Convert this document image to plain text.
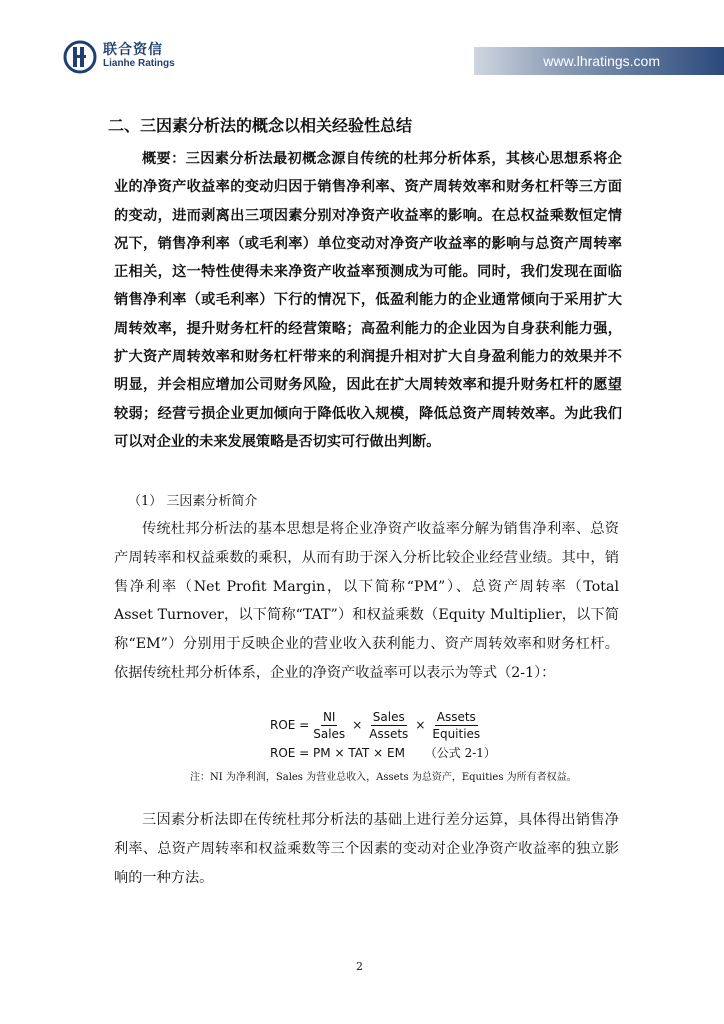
联合资信
Lianhe Ratings	www.lhratings.com
二、三因素分析法的概念以相关经验性总结

概要：三因素分析法最初概念源自传统的杜邦分析体系，其核心思想系将企业的净资产收益率的变动归因于销售净利率、资产周转效率和财务杠杆等三方面的变动，进而剥离出三项因素分别对净资产收益率的影响。在总权益乘数恒定情况下，销售净利率（或毛利率）单位变动对净资产收益率的影响与总资产周转率正相关，这一特性使得未来净资产收益率预测成为可能。同时，我们发现在面临销售净利率（或毛利率）下行的情况下，低盈利能力的企业通常倾向于采用扩大周转效率，提升财务杠杆的经营策略；高盈利能力的企业因为自身获利能力强，扩大资产周转效率和财务杠杆带来的利润提升相对扩大自身盈利能力的效果并不明显，并会相应增加公司财务风险，因此在扩大周转效率和提升财务杠杆的愿望较弱；经营亏损企业更加倾向于降低收入规模，降低总资产周转效率。为此我们可以对企业的未来发展策略是否切实可行做出判断。

（1） 三因素分析简介

传统杜邦分析法的基本思想是将企业净资产收益率分解为销售净利率、总资产周转率和权益乘数的乘积，从而有助于深入分析比较企业经营业绩。其中，销售净利率（Net Profit Margin，以下简称“PM”）、总资产周转率（Total Asset Turnover，以下简称“TAT”）和权益乘数（Equity Multiplier，以下简称“EM”）分别用于反映企业的营业收入获利能力、资产周转效率和财务杠杆。依据传统杜邦分析体系，企业的净资产收益率可以表示为等式（2-1）：

ROE = $\frac{NI}{\text{Sales}} \times \frac{\text{Sales}}{\text{Assets}} \times \frac{\text{Assets}}{\text{Equities}}$
ROE = PM × TAT × EM （公式 2-1）
注：NI 为净利润，Sales 为营业总收入，Assets 为总资产，Equities 为所有者权益。

三因素分析法即在传统杜邦分析法的基础上进行差分运算，具体得出销售净利率、总资产周转率和权益乘数等三个因素的变动对企业净资产收益率的独立影响的一种方法。

2
